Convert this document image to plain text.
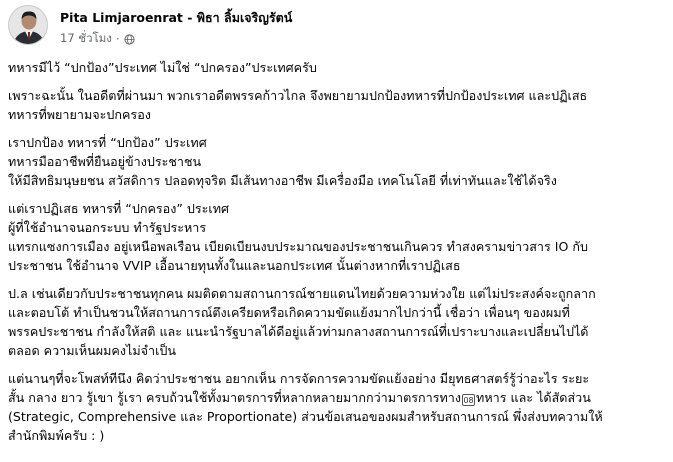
Pita Limjaroenrat - พิธา ลิ้มเจริญรัตน์
17 ชั่วโมง ·

ทหารมีไว้ “ปกป้อง”ประเทศ ไม่ใช่ “ปกครอง”ประเทศครับ

เพราะฉะนั้น ในอดีตที่ผ่านมา พวกเราอดีตพรรคก้าวไกล จึงพยายามปกป้องทหารที่ปกป้องประเทศ และปฏิเสธ
ทหารที่พยายามจะปกครอง

เราปกป้อง ทหารที่ “ปกป้อง” ประเทศ
ทหารมืออาชีพที่ยืนอยู่ข้างประชาชน
ให้มีสิทธิมนุษยชน สวัสดิการ ปลอดทุจริต มีเส้นทางอาชีพ มีเครื่องมือ เทคโนโลยี ที่เท่าทันและใช้ได้จริง

แต่เราปฏิเสธ ทหารที่ “ปกครอง” ประเทศ
ผู้ที่ใช้อำนาจนอกระบบ ทำรัฐประหาร
แทรกแซงการเมือง อยู่เหนือพลเรือน เบียดเบียนงบประมาณของประชาชนเกินควร ทำสงครามข่าวสาร IO กับ
ประชาชน ใช้อำนาจ VVIP เอื้อนายทุนทั้งในและนอกประเทศ นั้นต่างหากที่เราปฏิเสธ

ป.ล เช่นเดียวกับประชาชนทุกคน ผมติดตามสถานการณ์ชายแดนไทยด้วยความห่วงใย แต่ไม่ประสงค์จะถูกลาก
และตอบโต้ ทำเป็นชวนให้สถานการณ์ตึงเครียดหรือเกิดความขัดแย้งมากไปกว่านี้ เชื่อว่า เพื่อนๆ ของผมที่
พรรคประชาชน กำลังให้สติ และ แนะนำรัฐบาลได้ดีอยู่แล้วท่ามกลางสถานการณ์ที่เปราะบางและเปลี่ยนไปได้
ตลอด ความเห็นผมคงไม่จำเป็น

แต่นานๆที่จะโพสท์ทีนึง คิดว่าประชาชน อยากเห็น การจัดการความขัดแย้งอย่าง มียุทธศาสตร์รู้ว่าอะไร ระยะ
สั้น กลาง ยาว รู้เขา รู้เรา ครบถ้วนใช้ทั้งมาตรการที่หลากหลายมากกว่ามาตรการทาง 08 ทหาร และ ได้สัดส่วน
(Strategic, Comprehensive และ Proportionate) ส่วนข้อเสนอของผมสำหรับสถานการณ์ พึ่งส่งบทความให้
สำนักพิมพ์ครับ : )
